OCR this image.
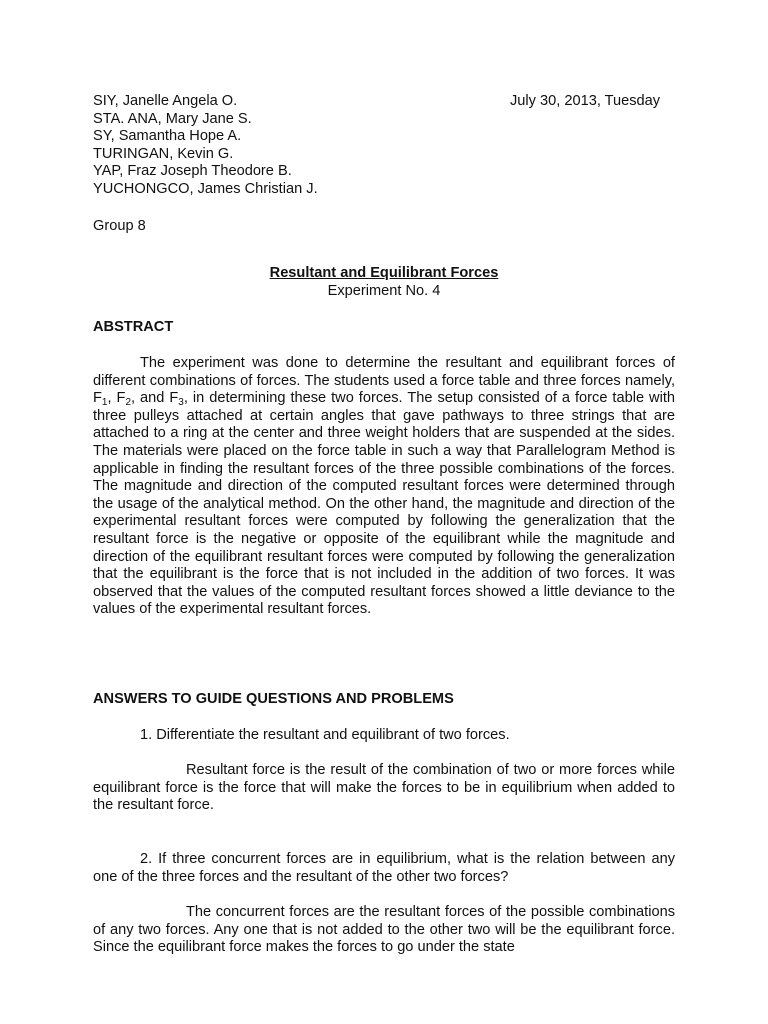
SIY, Janelle Angela O.
STA. ANA, Mary Jane S.
SY, Samantha Hope A.
TURINGAN, Kevin G.
YAP, Fraz Joseph Theodore B.
YUCHONGCO, James Christian J.
July 30, 2013, Tuesday
Group 8
Resultant and Equilibrant Forces
Experiment No. 4
ABSTRACT

The experiment was done to determine the resultant and equilibrant forces of different combinations of forces. The students used a force table and three forces namely, $F_1$, $F_2$, and $F_3$, in determining these two forces. The setup consisted of a force table with three pulleys attached at certain angles that gave pathways to three strings that are attached to a ring at the center and three weight holders that are suspended at the sides. The materials were placed on the force table in such a way that Parallelogram Method is applicable in finding the resultant forces of the three possible combinations of the forces. The magnitude and direction of the computed resultant forces were determined through the usage of the analytical method. On the other hand, the magnitude and direction of the experimental resultant forces were computed by following the generalization that the resultant force is the negative or opposite of the equilibrant while the magnitude and direction of the equilibrant resultant forces were computed by following the generalization that the equilibrant is the force that is not included in the addition of two forces. It was observed that the values of the computed resultant forces showed a little deviance to the values of the experimental resultant forces.

ANSWERS TO GUIDE QUESTIONS AND PROBLEMS
1. Differentiate the resultant and equilibrant of two forces.

Resultant force is the result of the combination of two or more forces while equilibrant force is the force that will make the forces to be in equilibrium when added to the resultant force.

2. If three concurrent forces are in equilibrium, what is the relation between any one of the three forces and the resultant of the other two forces?

The concurrent forces are the resultant forces of the possible combinations of any two forces. Any one that is not added to the other two will be the equilibrant force. Since the equilibrant force makes the forces to go under the state
